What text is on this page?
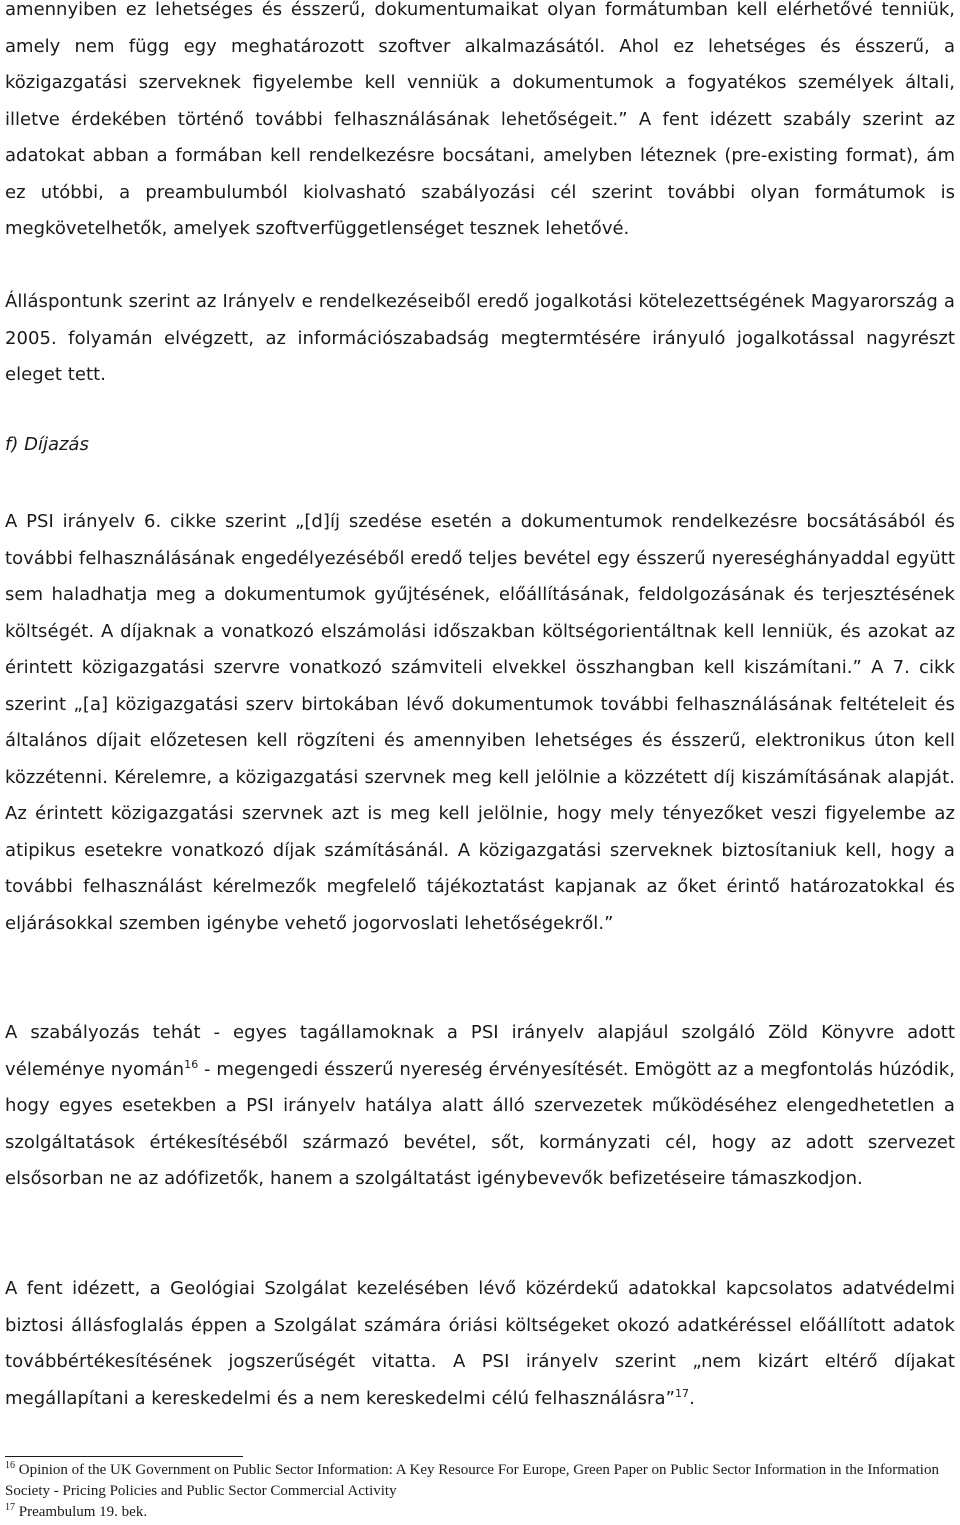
amennyiben ez lehetséges és ésszerű, dokumentumaikat olyan formátumban kell elérhetővé tenniük, amely nem függ egy meghatározott szoftver alkalmazásától. Ahol ez lehetséges és ésszerű, a közigazgatási szerveknek figyelembe kell venniük a dokumentumok a fogyatékos személyek általi, illetve érdekében történő további felhasználásának lehetőségeit.” A fent idézett szabály szerint az adatokat abban a formában kell rendelkezésre bocsátani, amelyben léteznek (pre-existing format), ám ez utóbbi, a preambulumból kiolvasható szabályozási cél szerint további olyan formátumok is megkövetelhetők, amelyek szoftverfüggetlenséget tesznek lehetővé.

Álláspontunk szerint az Irányelv e rendelkezéseiből eredő jogalkotási kötelezettségének Magyarország a 2005. folyamán elvégzett, az információszabadság megtermtésére irányuló jogalkotással nagyrészt eleget tett.

f) Díjazás

A PSI irányelv 6. cikke szerint „[d]íj szedése esetén a dokumentumok rendelkezésre bocsátásából és további felhasználásának engedélyezéséből eredő teljes bevétel egy ésszerű nyereséghányaddal együtt sem haladhatja meg a dokumentumok gyűjtésének, előállításának, feldolgozásának és terjesztésének költségét. A díjaknak a vonatkozó elszámolási időszakban költségorientáltnak kell lenniük, és azokat az érintett közigazgatási szervre vonatkozó számviteli elvekkel összhangban kell kiszámítani.” A 7. cikk szerint „[a] közigazgatási szerv birtokában lévő dokumentumok további felhasználásának feltételeit és általános díjait előzetesen kell rögzíteni és amennyiben lehetséges és ésszerű, elektronikus úton kell közzétenni. Kérelemre, a közigazgatási szervnek meg kell jelölnie a közzétett díj kiszámításának alapját. Az érintett közigazgatási szervnek azt is meg kell jelölnie, hogy mely tényezőket veszi figyelembe az atipikus esetekre vonatkozó díjak számításánál. A közigazgatási szerveknek biztosítaniuk kell, hogy a további felhasználást kérelmezők megfelelő tájékoztatást kapjanak az őket érintő határozatokkal és eljárásokkal szemben igénybe vehető jogorvoslati lehetőségekről.”

A szabályozás tehát - egyes tagállamoknak a PSI irányelv alapjául szolgáló Zöld Könyvre adott véleménye nyomán$^{16}$ - megengedi ésszerű nyereség érvényesítését. Emögött az a megfontolás húzódik, hogy egyes esetekben a PSI irányelv hatálya alatt álló szervezetek működéséhez elengedhetetlen a szolgáltatások értékesítéséből származó bevétel, sőt, kormányzati cél, hogy az adott szervezet elsősorban ne az adófizetők, hanem a szolgáltatást igénybevevők befizetéseire támaszkodjon.

A fent idézett, a Geológiai Szolgálat kezelésében lévő közérdekű adatokkal kapcsolatos adatvédelmi biztosi állásfoglalás éppen a Szolgálat számára óriási költségeket okozó adatkéréssel előállított adatok továbbértékesítésének jogszerűségét vitatta. A PSI irányelv szerint „nem kizárt eltérő díjakat megállapítani a kereskedelmi és a nem kereskedelmi célú felhasználásra”$^{17}$.

$^{16}$ Opinion of the UK Government on Public Sector Information: A Key Resource For Europe, Green Paper on Public Sector Information in the Information Society - Pricing Policies and Public Sector Commercial Activity

$^{17}$ Preambulum 19. bek.
